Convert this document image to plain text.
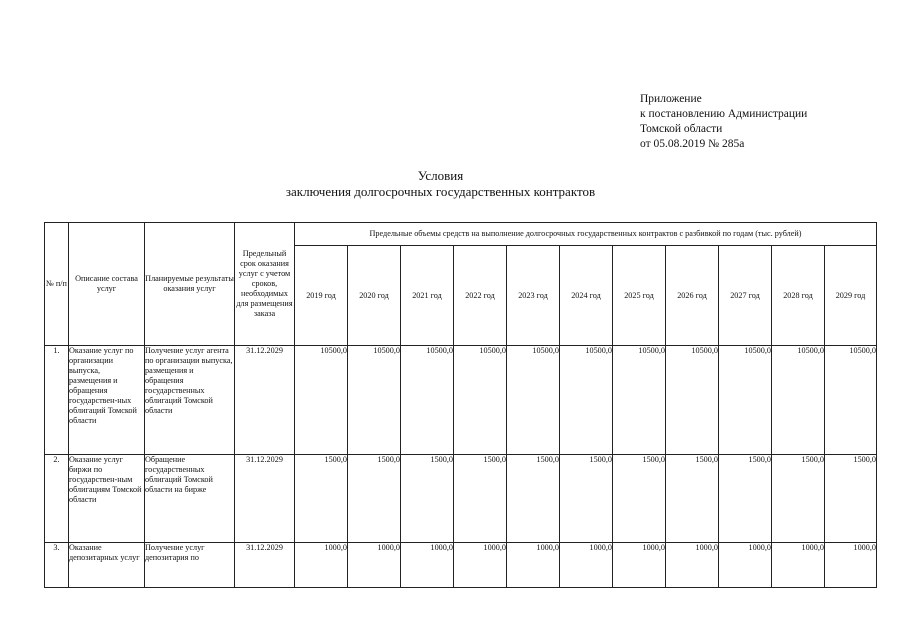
Приложение
к постановлению Администрации
Томской области
от 05.08.2019 № 285а
Условия
заключения долгосрочных государственных контрактов
№ п/п	Описание состава услуг	Планируемые результаты оказания услуг	Предельный срок оказания услуг с учетом сроков, необходимых для размещения заказа	Предельные объемы средств на выполнение долгосрочных государственных контрактов с разбивкой по годам (тыс. рублей)										
				2019 год	2020 год	2021 год	2022 год	2023 год	2024 год	2025 год	2026 год	2027 год	2028 год	2029 год
1.	Оказание услуг по организации выпуска, размещения и обращения государствен-ных облигаций Томской области	Получение услуг агента по организации выпуска, размещения и обращения государственных облигаций Томской области	31.12.2029	10500,0	10500,0	10500,0	10500,0	10500,0	10500,0	10500,0	10500,0	10500,0	10500,0	10500,0
2.	Оказание услуг биржи по государствен-ным облигациям Томской области	Обращение государственных облигаций Томской области на бирже	31.12.2029	1500,0	1500,0	1500,0	1500,0	1500,0	1500,0	1500,0	1500,0	1500,0	1500,0	1500,0
3.	Оказание депозитарных услуг	Получение услуг депозитария по	31.12.2029	1000,0	1000,0	1000,0	1000,0	1000,0	1000,0	1000,0	1000,0	1000,0	1000,0	1000,0
